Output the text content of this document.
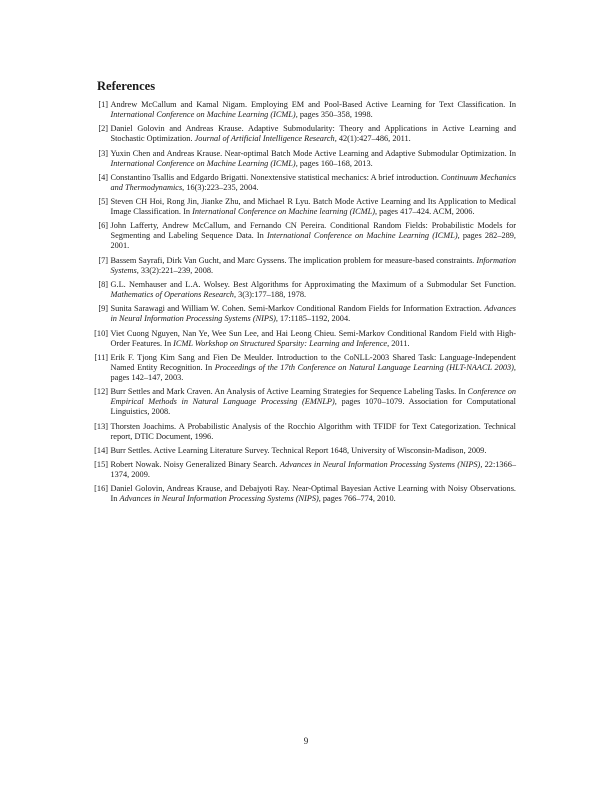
References
[1] Andrew McCallum and Kamal Nigam. Employing EM and Pool-Based Active Learning for Text Classification. In International Conference on Machine Learning (ICML), pages 350–358, 1998.
[2] Daniel Golovin and Andreas Krause. Adaptive Submodularity: Theory and Applications in Active Learning and Stochastic Optimization. Journal of Artificial Intelligence Research, 42(1):427–486, 2011.
[3] Yuxin Chen and Andreas Krause. Near-optimal Batch Mode Active Learning and Adaptive Submodular Optimization. In International Conference on Machine Learning (ICML), pages 160–168, 2013.
[4] Constantino Tsallis and Edgardo Brigatti. Nonextensive statistical mechanics: A brief introduction. Continuum Mechanics and Thermodynamics, 16(3):223–235, 2004.
[5] Steven CH Hoi, Rong Jin, Jianke Zhu, and Michael R Lyu. Batch Mode Active Learning and Its Application to Medical Image Classification. In International Conference on Machine learning (ICML), pages 417–424. ACM, 2006.
[6] John Lafferty, Andrew McCallum, and Fernando CN Pereira. Conditional Random Fields: Probabilistic Models for Segmenting and Labeling Sequence Data. In International Conference on Machine Learning (ICML), pages 282–289, 2001.
[7] Bassem Sayrafi, Dirk Van Gucht, and Marc Gyssens. The implication problem for measure-based constraints. Information Systems, 33(2):221–239, 2008.
[8] G.L. Nemhauser and L.A. Wolsey. Best Algorithms for Approximating the Maximum of a Submodular Set Function. Mathematics of Operations Research, 3(3):177–188, 1978.
[9] Sunita Sarawagi and William W. Cohen. Semi-Markov Conditional Random Fields for Information Extraction. Advances in Neural Information Processing Systems (NIPS), 17:1185–1192, 2004.
[10] Viet Cuong Nguyen, Nan Ye, Wee Sun Lee, and Hai Leong Chieu. Semi-Markov Conditional Random Field with High-Order Features. In ICML Workshop on Structured Sparsity: Learning and Inference, 2011.
[11] Erik F. Tjong Kim Sang and Fien De Meulder. Introduction to the CoNLL-2003 Shared Task: Language-Independent Named Entity Recognition. In Proceedings of the 17th Conference on Natural Language Learning (HLT-NAACL 2003), pages 142–147, 2003.
[12] Burr Settles and Mark Craven. An Analysis of Active Learning Strategies for Sequence Labeling Tasks. In Conference on Empirical Methods in Natural Language Processing (EMNLP), pages 1070–1079. Association for Computational Linguistics, 2008.
[13] Thorsten Joachims. A Probabilistic Analysis of the Rocchio Algorithm with TFIDF for Text Categorization. Technical report, DTIC Document, 1996.
[14] Burr Settles. Active Learning Literature Survey. Technical Report 1648, University of Wisconsin-Madison, 2009.
[15] Robert Nowak. Noisy Generalized Binary Search. Advances in Neural Information Processing Systems (NIPS), 22:1366–1374, 2009.
[16] Daniel Golovin, Andreas Krause, and Debajyoti Ray. Near-Optimal Bayesian Active Learning with Noisy Observations. In Advances in Neural Information Processing Systems (NIPS), pages 766–774, 2010.
9
